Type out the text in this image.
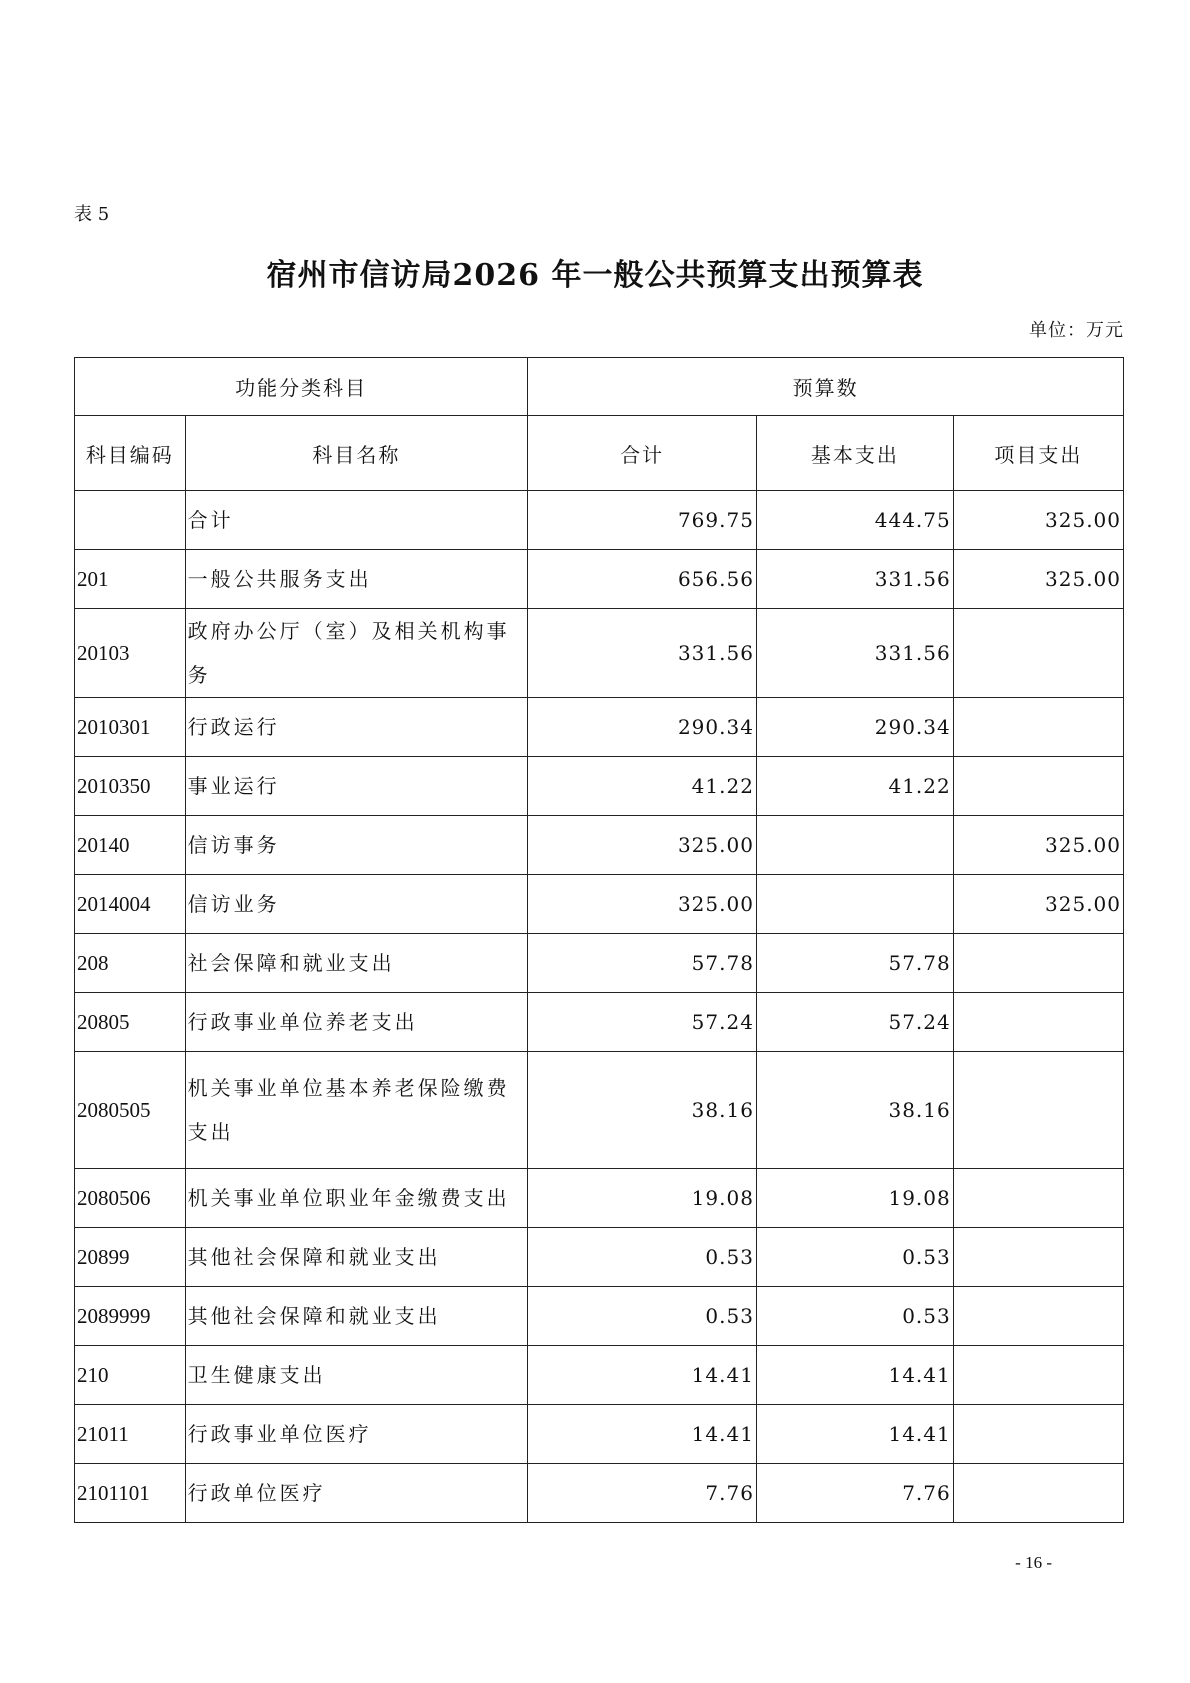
表 5
宿州市信访局2026 年一般公共预算支出预算表
单位：万元
功能分类科目		预算数		
科目编码	科目名称	合计	基本支出	项目支出
	合计	769.75	444.75	325.00
201	一般公共服务支出	656.56	331.56	325.00
20103	政府办公厅（室）及相关机构事务	331.56	331.56	
2010301	行政运行	290.34	290.34	
2010350	事业运行	41.22	41.22	
20140	信访事务	325.00		325.00
2014004	信访业务	325.00		325.00
208	社会保障和就业支出	57.78	57.78	
20805	行政事业单位养老支出	57.24	57.24	
2080505	机关事业单位基本养老保险缴费支出	38.16	38.16	
2080506	机关事业单位职业年金缴费支出	19.08	19.08	
20899	其他社会保障和就业支出	0.53	0.53	
2089999	其他社会保障和就业支出	0.53	0.53	
210	卫生健康支出	14.41	14.41	
21011	行政事业单位医疗	14.41	14.41	
2101101	行政单位医疗	7.76	7.76	
- 16 -
